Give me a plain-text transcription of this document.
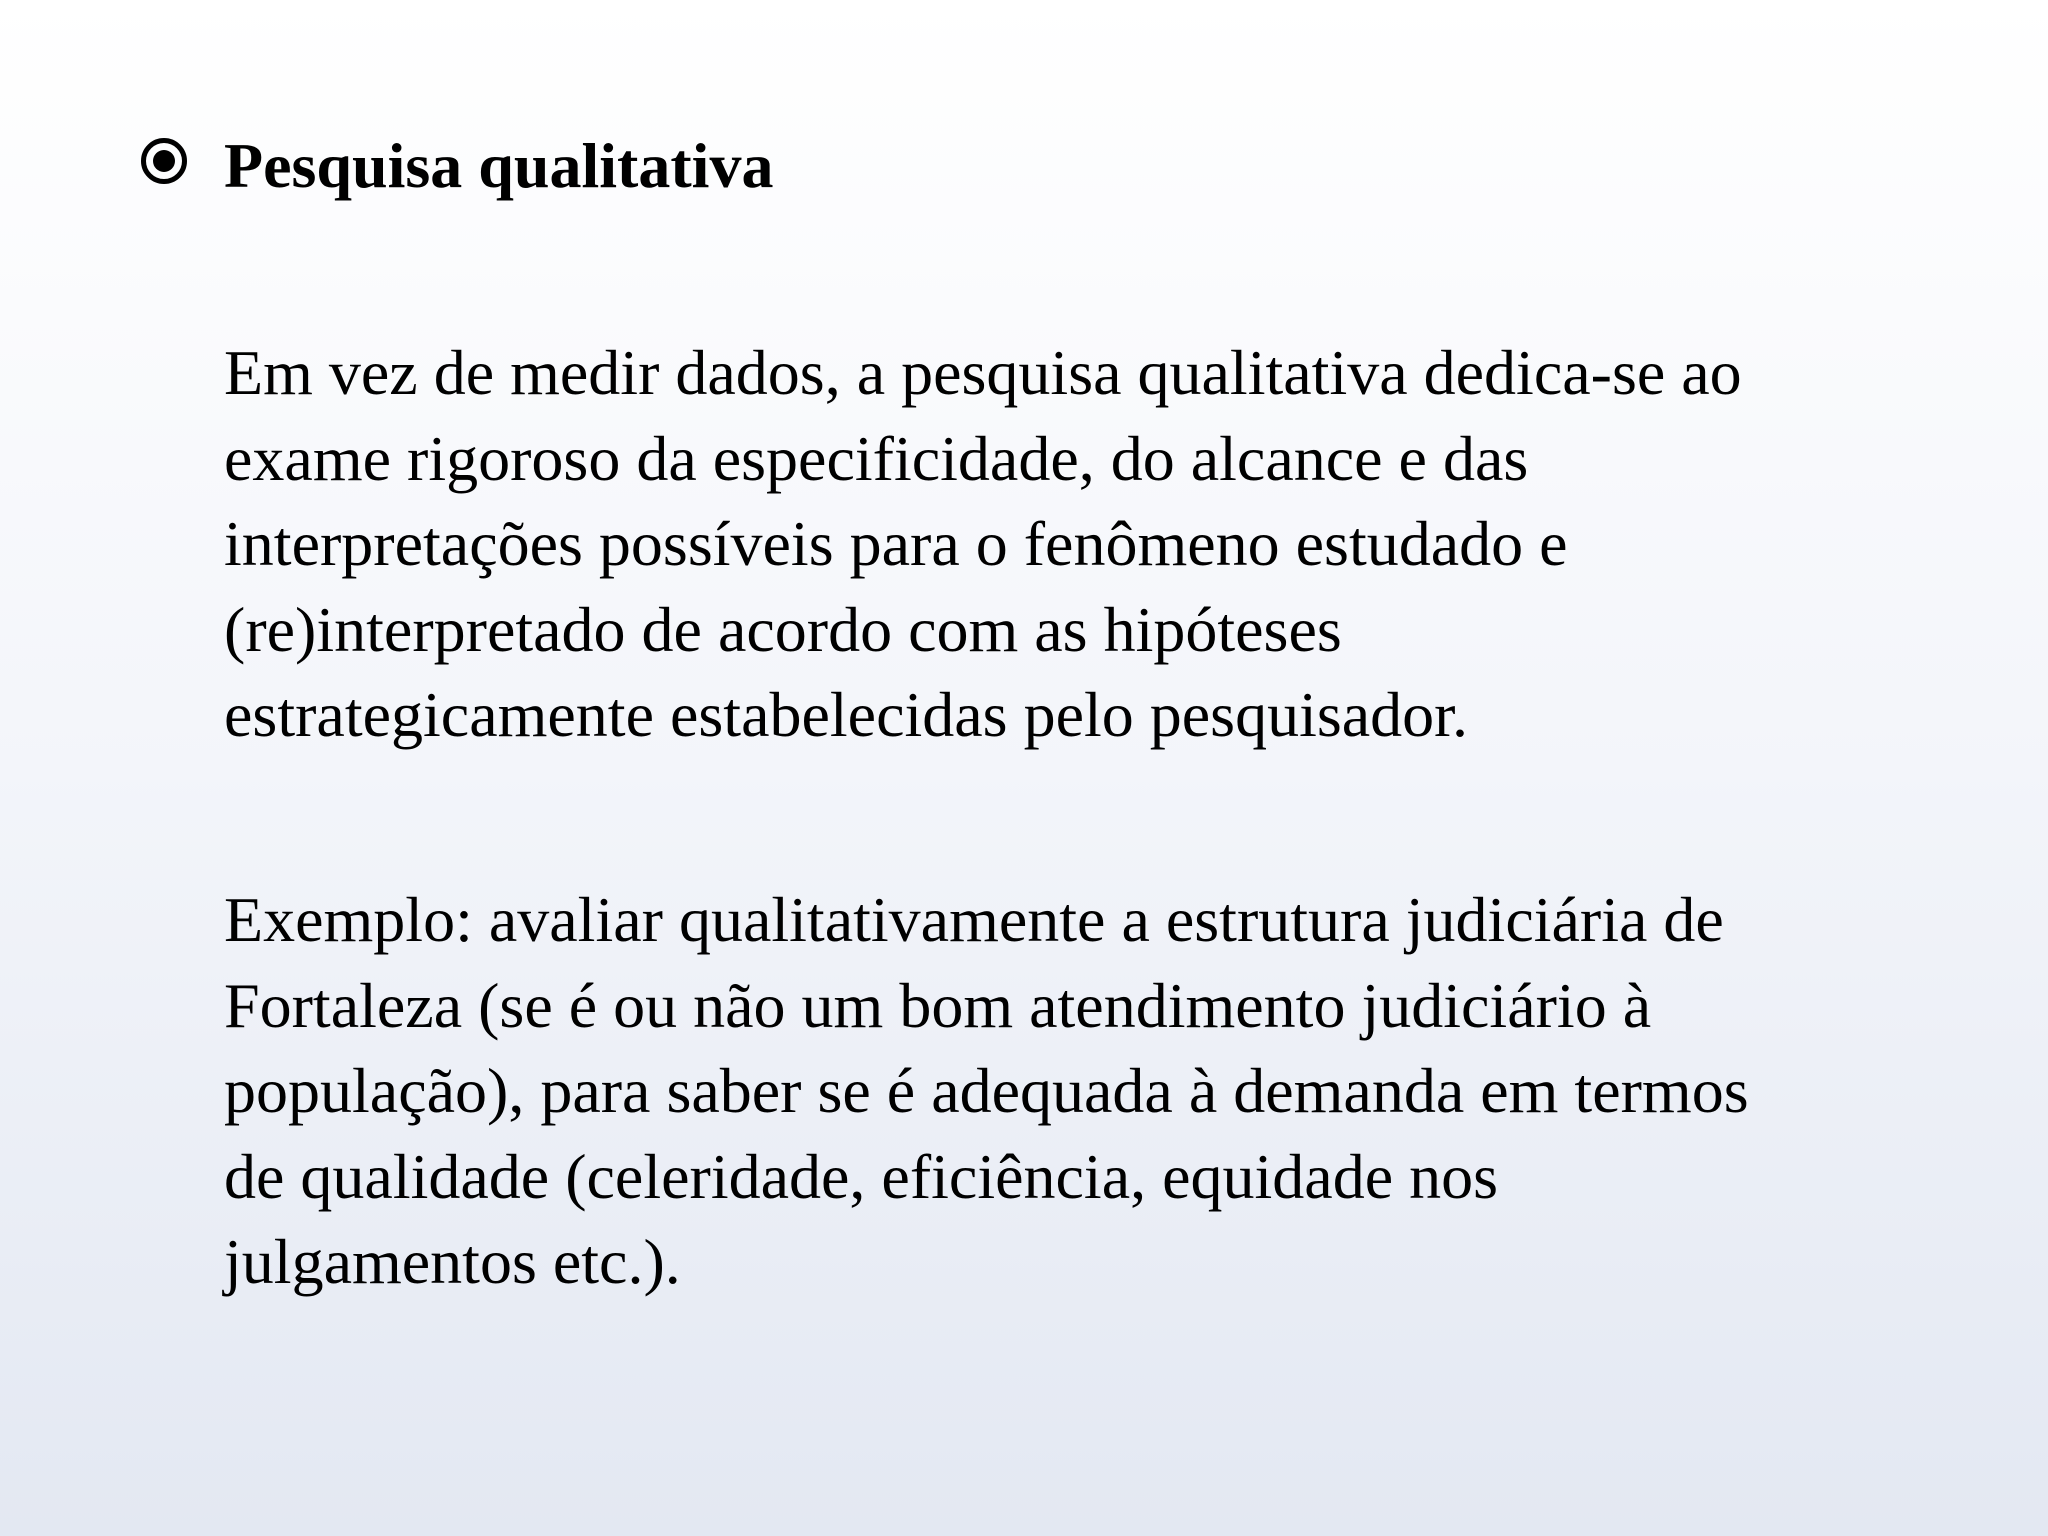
Pesquisa qualitativa

Em vez de medir dados, a pesquisa qualitativa dedica-se ao
exame rigoroso da especificidade, do alcance e das
interpretações possíveis para o fenômeno estudado e
(re)interpretado de acordo com as hipóteses
estrategicamente estabelecidas pelo pesquisador.

Exemplo: avaliar qualitativamente a estrutura judiciária de
Fortaleza (se é ou não um bom atendimento judiciário à
população), para saber se é adequada à demanda em termos
de qualidade (celeridade, eficiência, equidade nos
julgamentos etc.).
